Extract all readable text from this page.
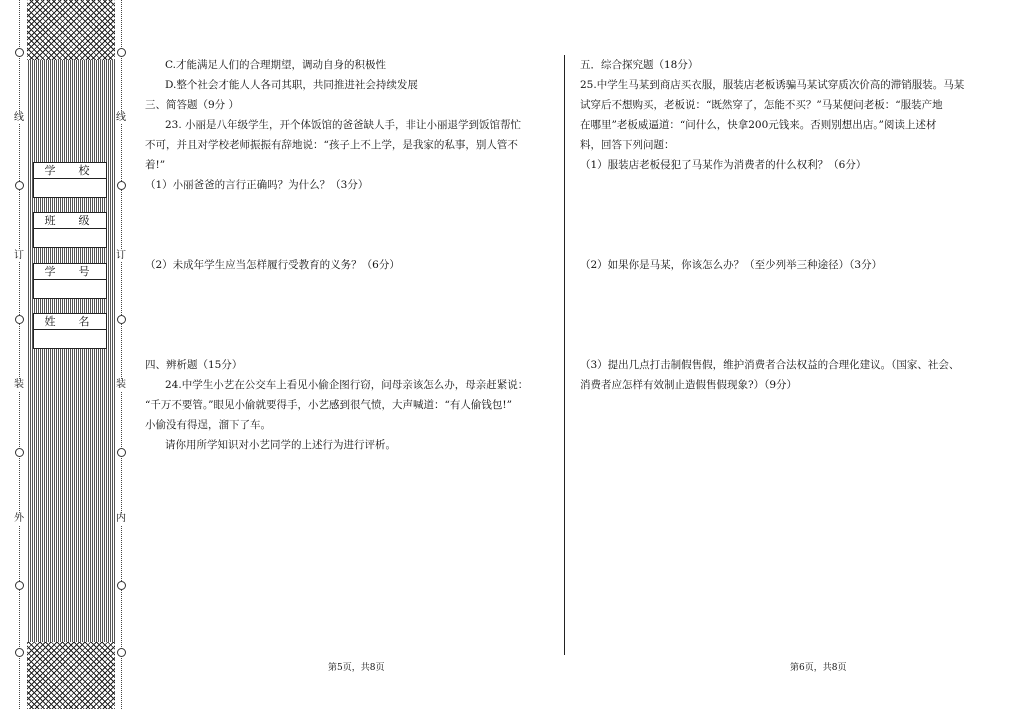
线
订
装
外
线
订
装
内
学　校
班　级
学　号
姓　名
C.才能满足人们的合理期望，调动自身的积极性
D.整个社会才能人人各司其职，共同推进社会持续发展
三、简答题（9分 ）
23. 小丽是八年级学生，开个体饭馆的爸爸缺人手，非让小丽退学到饭馆帮忙
不可，并且对学校老师振振有辞地说：“孩子上不上学，是我家的私事，别人管不
着!”
（1）小丽爸爸的言行正确吗？为什么？（3分）

（2）未成年学生应当怎样履行受教育的义务？（6分）

四、辨析题（15分）
24.中学生小艺在公交车上看见小偷企图行窃，问母亲该怎么办，母亲赶紧说：
“千万不要管。”眼见小偷就要得手，小艺感到很气愤，大声喊道：“有人偷钱包!”
小偷没有得逞，溜下了车。
请你用所学知识对小艺同学的上述行为进行评析。
五．综合探究题（18分）
25.中学生马某到商店买衣服，服装店老板诱骗马某试穿质次价高的滞销服装。马某
试穿后不想购买，老板说：“既然穿了，怎能不买？”马某便问老板：“服装产地
在哪里”老板威逼道：“问什么，快拿200元钱来。否则别想出店。”阅读上述材
料，回答下列问题：
（1）服装店老板侵犯了马某作为消费者的什么权利？（6分）

（2）如果你是马某，你该怎么办？（至少列举三种途径）（3分）

（3）提出几点打击制假售假，维护消费者合法权益的合理化建议。（国家、社会、
消费者应怎样有效制止造假售假现象?）（9分）
第5页，共8页	第6页，共8页
